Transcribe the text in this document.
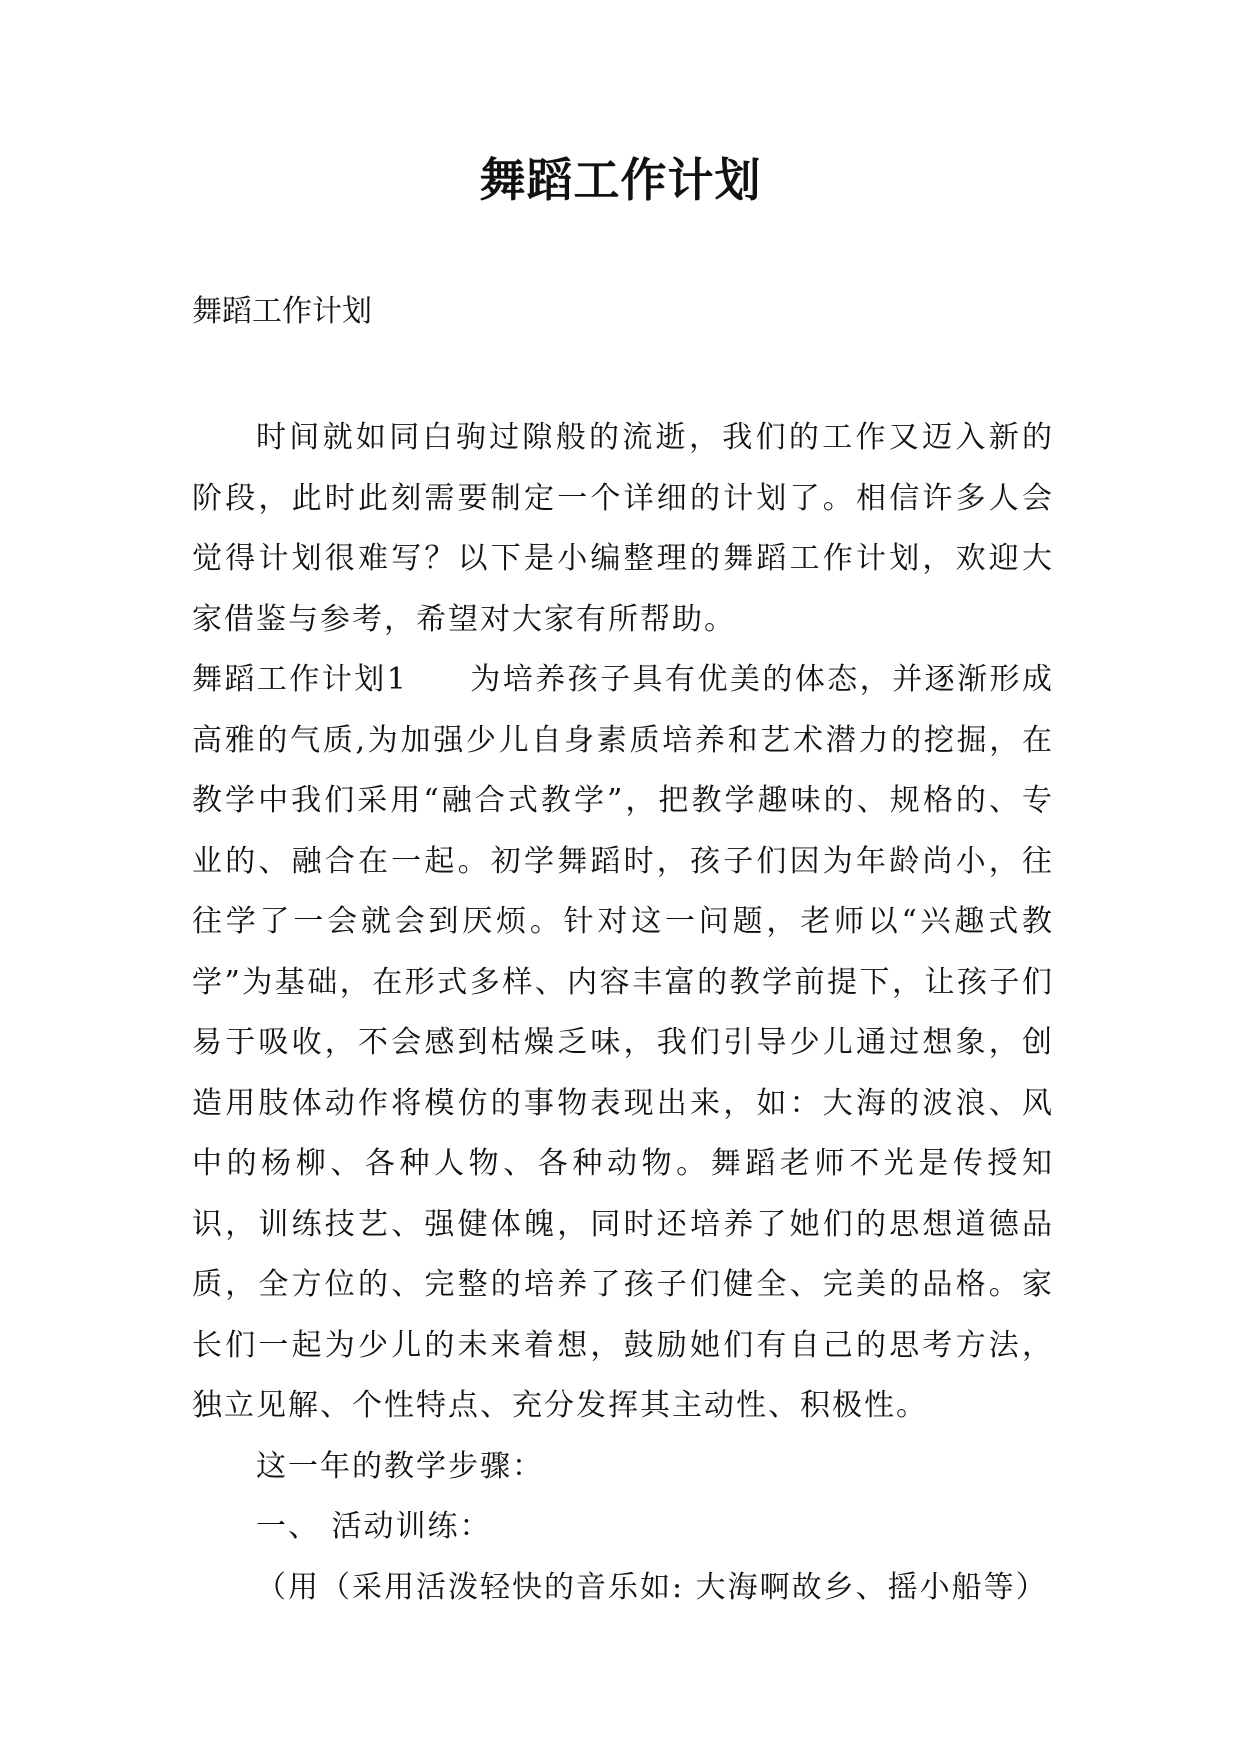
舞蹈工作计划

舞蹈工作计划

时间就如同白驹过隙般的流逝，我们的工作又迈入新的阶段，此时此刻需要制定一个详细的计划了。相信许多人会觉得计划很难写？以下是小编整理的舞蹈工作计划，欢迎大家借鉴与参考，希望对大家有所帮助。

舞蹈工作计划1 为培养孩子具有优美的体态，并逐渐形成高雅的气质,为加强少儿自身素质培养和艺术潜力的挖掘，在教学中我们采用“融合式教学”，把教学趣味的、规格的、专业的、融合在一起。初学舞蹈时，孩子们因为年龄尚小，往往学了一会就会到厌烦。针对这一问题，老师以“兴趣式教学”为基础，在形式多样、内容丰富的教学前提下，让孩子们易于吸收，不会感到枯燥乏味，我们引导少儿通过想象，创造用肢体动作将模仿的事物表现出来，如：大海的波浪、风中的杨柳、各种人物、各种动物。舞蹈老师不光是传授知识，训练技艺、强健体魄，同时还培养了她们的思想道德品质，全方位的、完整的培养了孩子们健全、完美的品格。家长们一起为少儿的未来着想，鼓励她们有自己的思考方法，独立见解、个性特点、充分发挥其主动性、积极性。

这一年的教学步骤：

一、 活动训练：

（用（采用活泼轻快的音乐如: 大海啊故乡、摇小船等）
